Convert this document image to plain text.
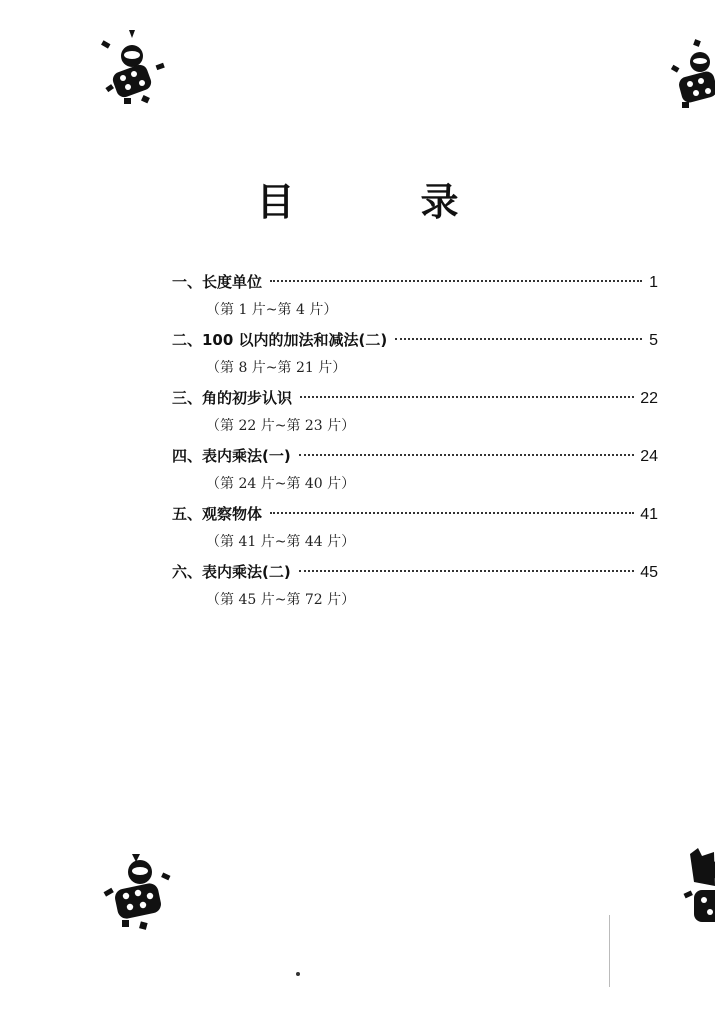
目　录
一、长度单位	1
（第 1 片~第 4 片）
二、100 以内的加法和减法(二)	5
（第 8 片~第 21 片）
三、角的初步认识	22
（第 22 片~第 23 片）
四、表内乘法(一)	24
（第 24 片~第 40 片）
五、观察物体	41
（第 41 片~第 44 片）
六、表内乘法(二)	45
（第 45 片~第 72 片）
